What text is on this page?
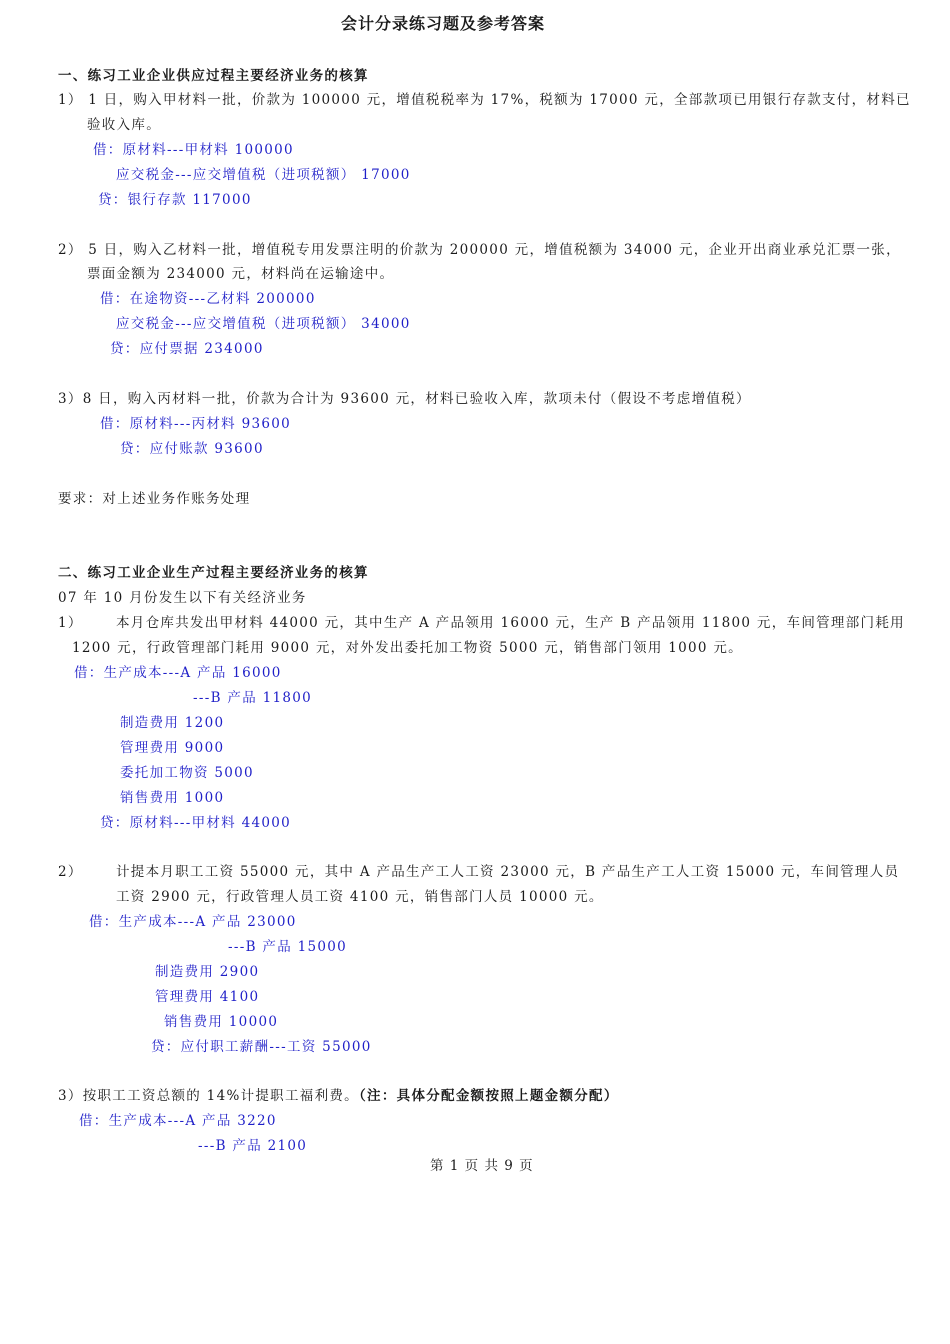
会计分录练习题及参考答案
一、练习工业企业供应过程主要经济业务的核算
1） 1 日，购入甲材料一批，价款为 100000 元，增值税税率为 17%，税额为 17000 元，全部款项已用银行存款支付，材料已
验收入库。
借：原材料---甲材料 100000
应交税金---应交增值税（进项税额） 17000
贷：银行存款 117000
2） 5 日，购入乙材料一批，增值税专用发票注明的价款为 200000 元，增值税额为 34000 元，企业开出商业承兑汇票一张，
票面金额为 234000 元，材料尚在运输途中。
借：在途物资---乙材料 200000
应交税金---应交增值税（进项税额） 34000
贷：应付票据 234000
3）8 日，购入丙材料一批，价款为合计为 93600 元，材料已验收入库，款项未付（假设不考虑增值税）
借：原材料---丙材料 93600
贷：应付账款 93600
要求：对上述业务作账务处理
二、练习工业企业生产过程主要经济业务的核算
07 年 10 月份发生以下有关经济业务
1） 本月仓库共发出甲材料 44000 元，其中生产 A 产品领用 16000 元，生产 B 产品领用 11800 元，车间管理部门耗用
1200 元，行政管理部门耗用 9000 元，对外发出委托加工物资 5000 元，销售部门领用 1000 元。
借：生产成本---A 产品 16000
---B 产品 11800
制造费用 1200
管理费用 9000
委托加工物资 5000
销售费用 1000
贷：原材料---甲材料 44000
2） 计提本月职工工资 55000 元，其中 A 产品生产工人工资 23000 元，B 产品生产工人工资 15000 元，车间管理人员
工资 2900 元，行政管理人员工资 4100 元，销售部门人员 10000 元。
借：生产成本---A 产品 23000
---B 产品 15000
制造费用 2900
管理费用 4100
销售费用 10000
贷：应付职工薪酬---工资 55000
3）按职工工资总额的 14%计提职工福利费。（注：具体分配金额按照上题金额分配）
借：生产成本---A 产品 3220
---B 产品 2100
第 1 页 共 9 页
